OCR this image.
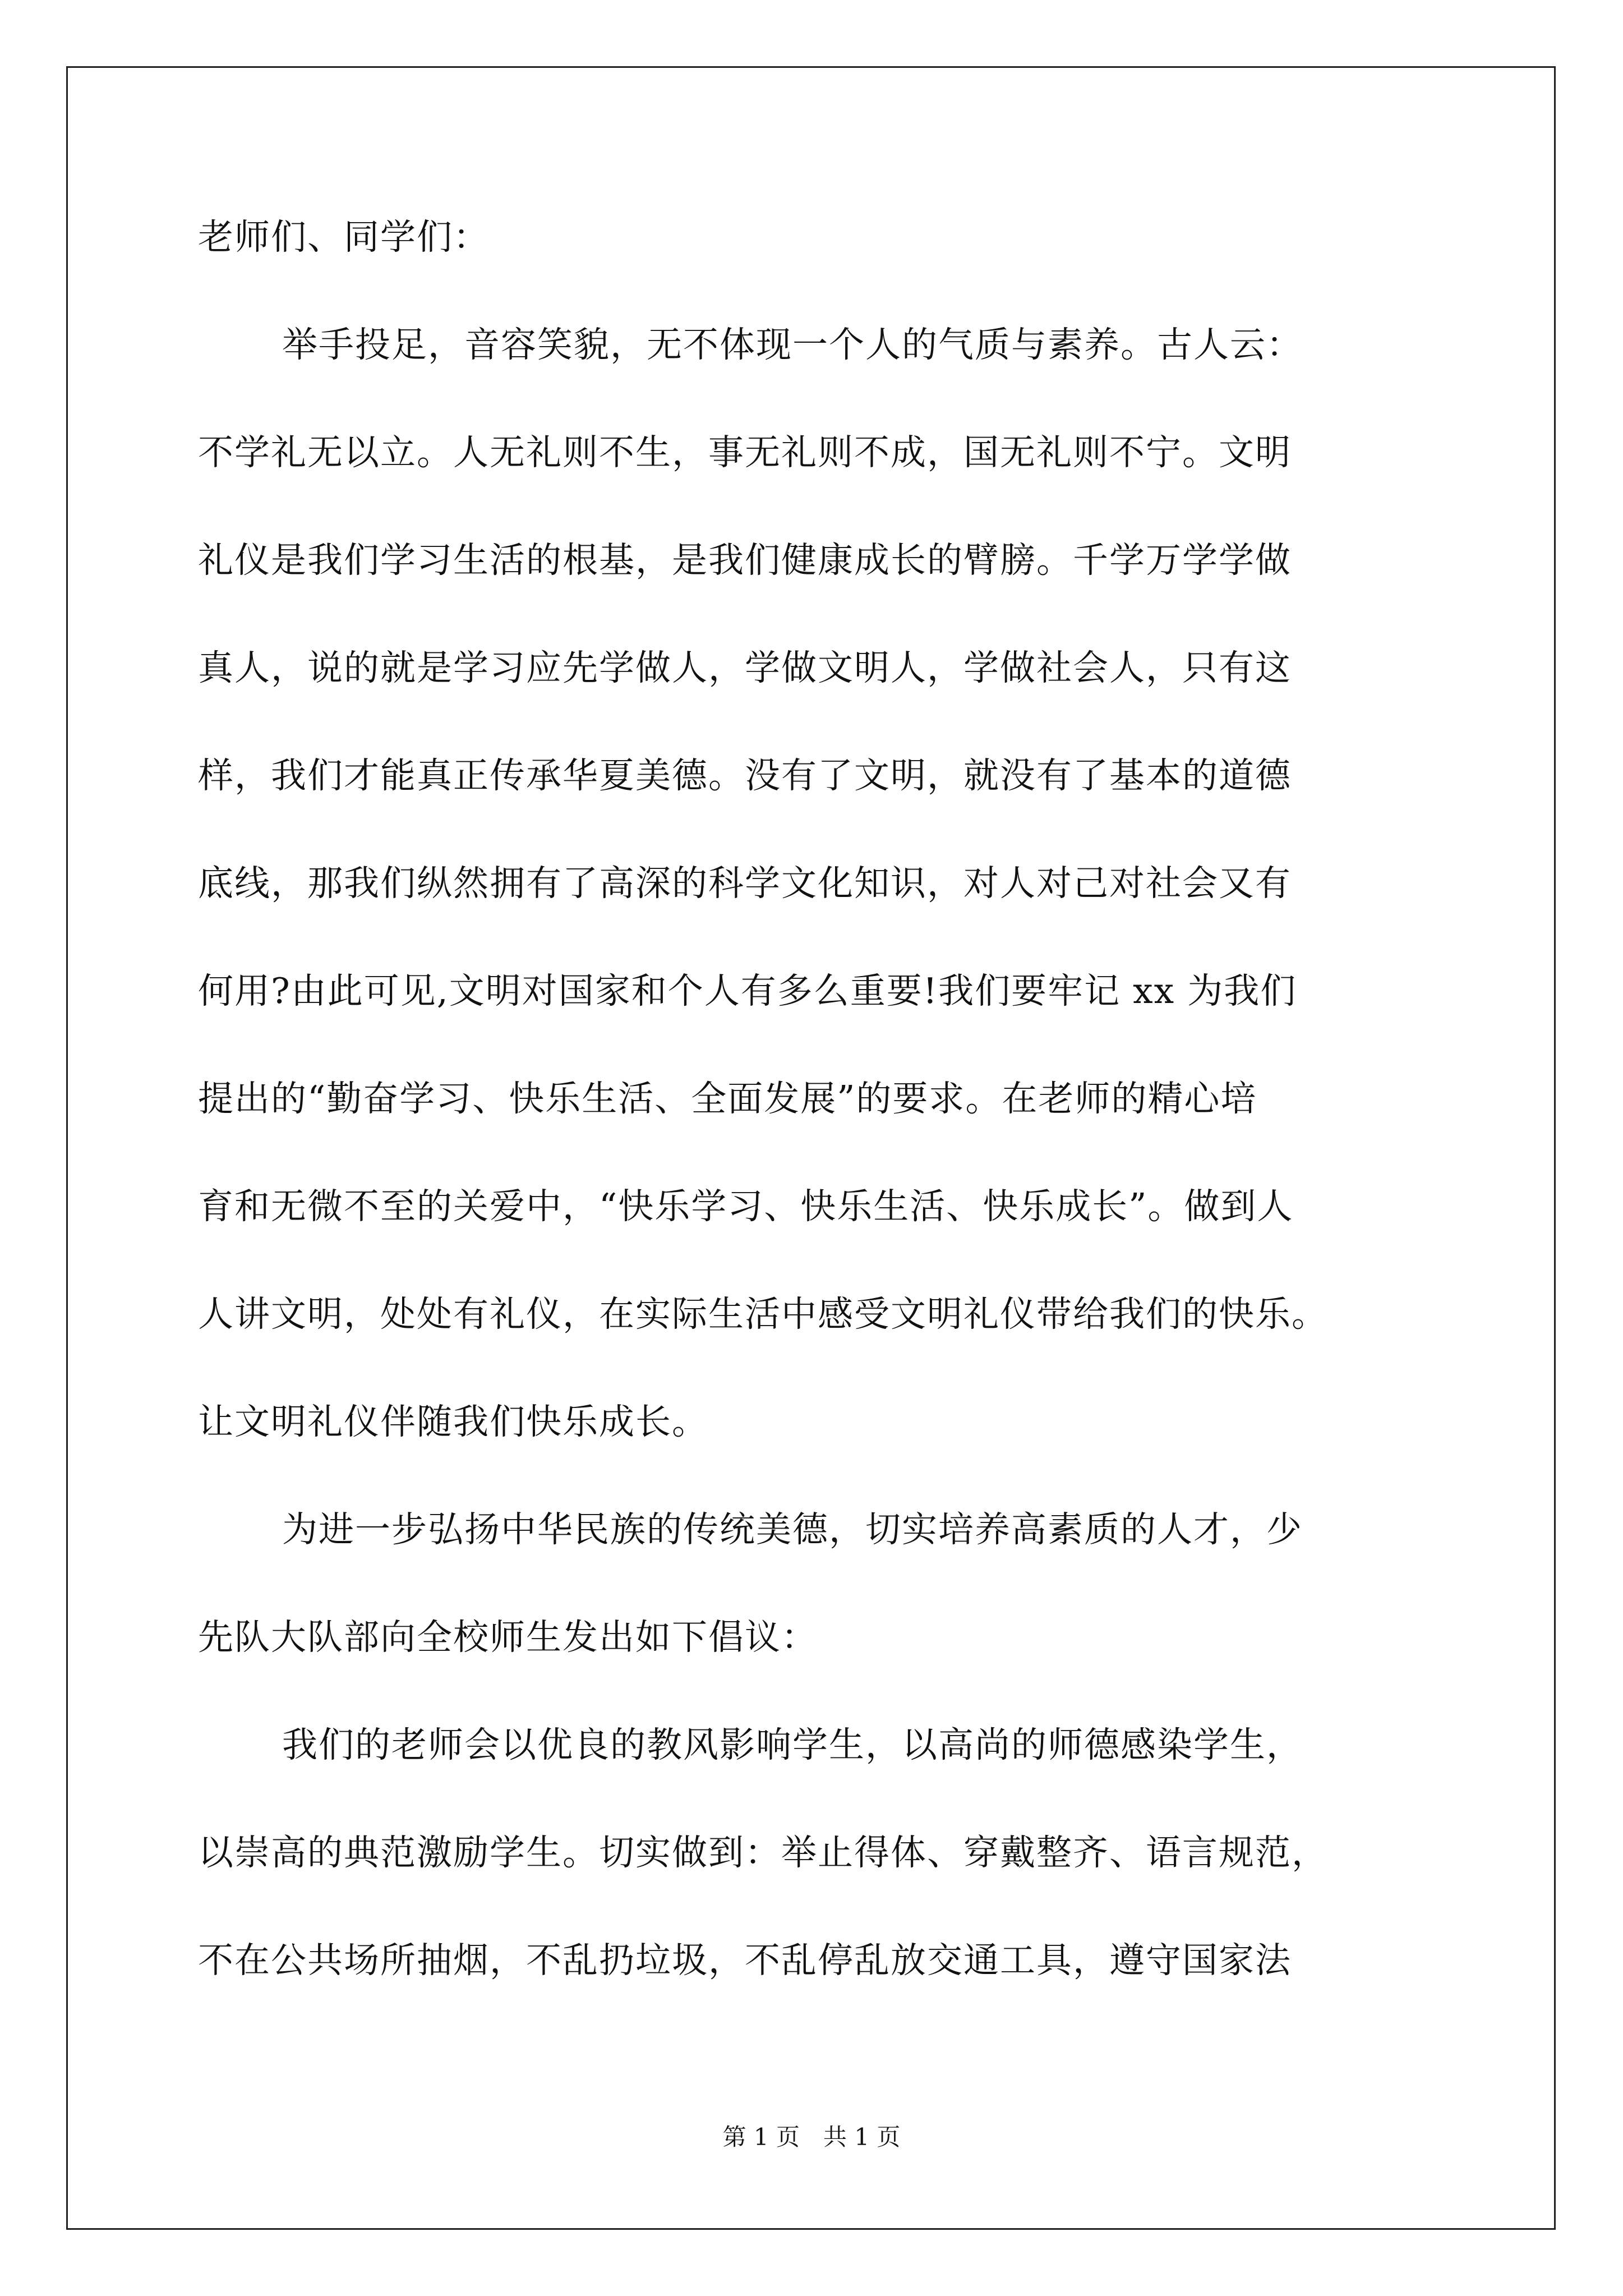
老师们、同学们：
举手投足，音容笑貌，无不体现一个人的气质与素养。古人云：
不学礼无以立。人无礼则不生，事无礼则不成，国无礼则不宁。文明
礼仪是我们学习生活的根基，是我们健康成长的臂膀。千学万学学做
真人，说的就是学习应先学做人，学做文明人，学做社会人，只有这
样，我们才能真正传承华夏美德。没有了文明，就没有了基本的道德
底线，那我们纵然拥有了高深的科学文化知识，对人对己对社会又有
何用?由此可见,文明对国家和个人有多么重要!我们要牢记 xx 为我们
提出的“勤奋学习、快乐生活、全面发展”的要求。在老师的精心培
育和无微不至的关爱中，“快乐学习、快乐生活、快乐成长”。做到人
人讲文明，处处有礼仪，在实际生活中感受文明礼仪带给我们的快乐。
让文明礼仪伴随我们快乐成长。
为进一步弘扬中华民族的传统美德，切实培养高素质的人才，少
先队大队部向全校师生发出如下倡议：
我们的老师会以优良的教风影响学生，以高尚的师德感染学生，
以崇高的典范激励学生。切实做到：举止得体、穿戴整齐、语言规范，
不在公共场所抽烟，不乱扔垃圾，不乱停乱放交通工具，遵守国家法
第 1 页　共 1 页
